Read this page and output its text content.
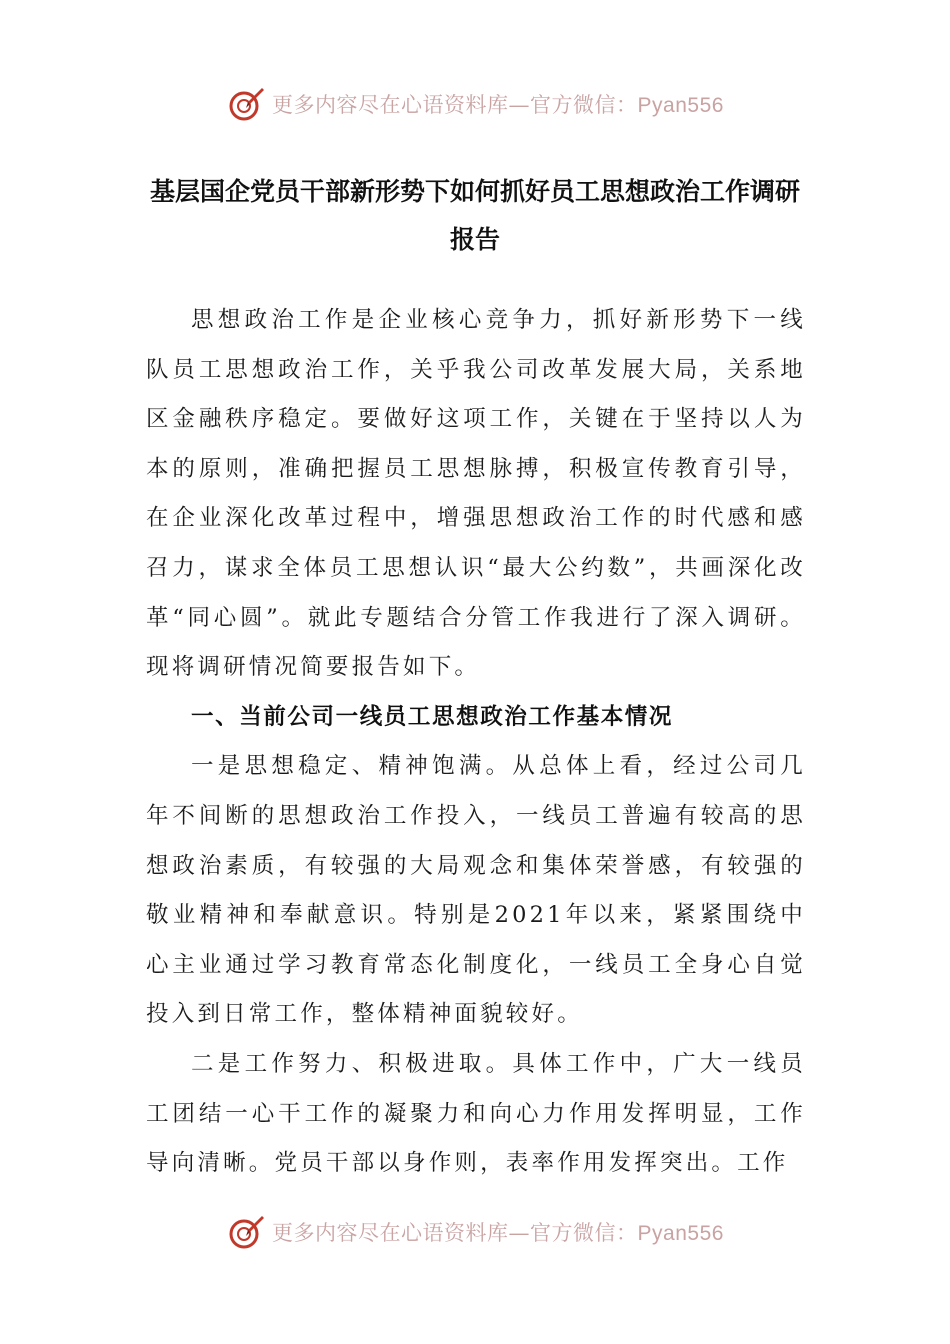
更多内容尽在心语资料库—官方微信：Pyan556
基层国企党员干部新形势下如何抓好员工思想政治工作调研报告

思想政治工作是企业核心竞争力，抓好新形势下一线队员工思想政治工作，关乎我公司改革发展大局，关系地区金融秩序稳定。要做好这项工作，关键在于坚持以人为本的原则，准确把握员工思想脉搏，积极宣传教育引导，在企业深化改革过程中，增强思想政治工作的时代感和感召力，谋求全体员工思想认识“最大公约数”，共画深化改革“同心圆”。就此专题结合分管工作我进行了深入调研。现将调研情况简要报告如下。

一、当前公司一线员工思想政治工作基本情况

一是思想稳定、精神饱满。从总体上看，经过公司几年不间断的思想政治工作投入，一线员工普遍有较高的思想政治素质，有较强的大局观念和集体荣誉感，有较强的敬业精神和奉献意识。特别是2021年以来，紧紧围绕中心主业通过学习教育常态化制度化，一线员工全身心自觉投入到日常工作，整体精神面貌较好。

二是工作努力、积极进取。具体工作中，广大一线员工团结一心干工作的凝聚力和向心力作用发挥明显，工作导向清晰。党员干部以身作则，表率作用发挥突出。工作

更多内容尽在心语资料库—官方微信：Pyan556
